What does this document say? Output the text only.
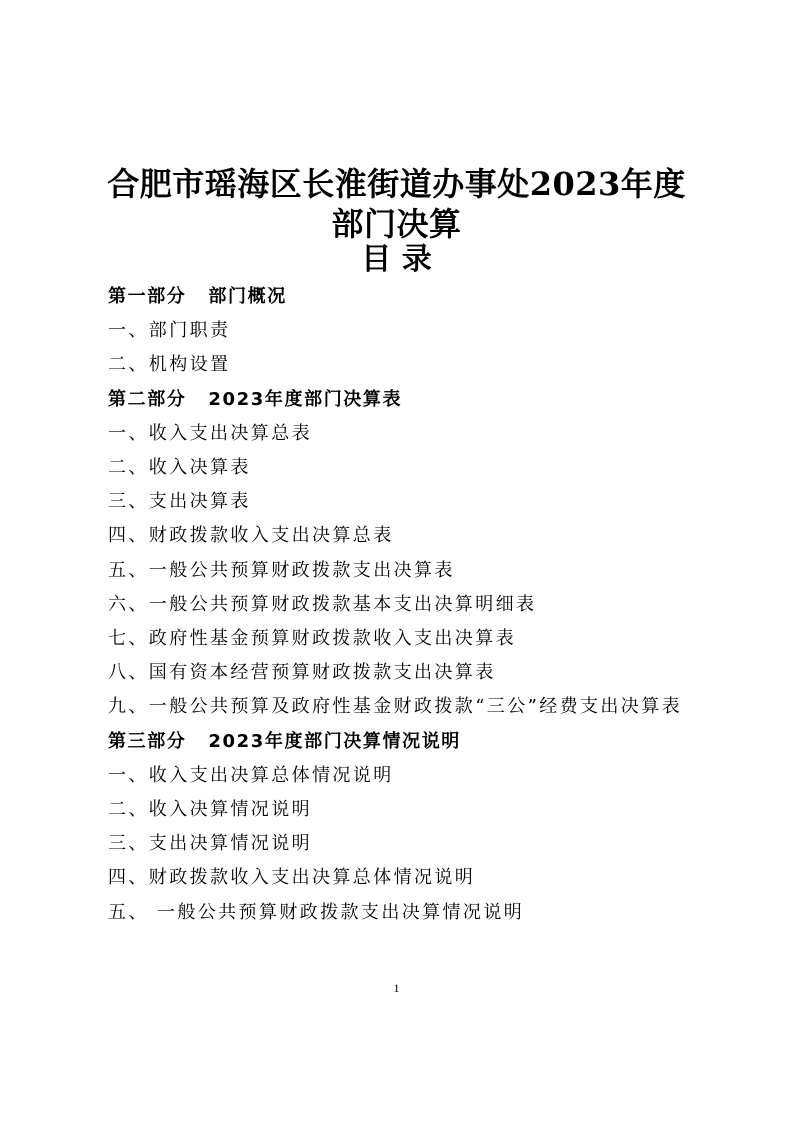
合肥市瑶海区长淮街道办事处2023年度部门决算
目 录

第一部分 部门概况

一、部门职责

二、机构设置

第二部分 2023年度部门决算表

一、收入支出决算总表

二、收入决算表

三、支出决算表

四、财政拨款收入支出决算总表

五、一般公共预算财政拨款支出决算表

六、一般公共预算财政拨款基本支出决算明细表

七、政府性基金预算财政拨款收入支出决算表

八、国有资本经营预算财政拨款支出决算表

九、一般公共预算及政府性基金财政拨款“三公”经费支出决算表

第三部分 2023年度部门决算情况说明

一、收入支出决算总体情况说明

二、收入决算情况说明

三、支出决算情况说明

四、财政拨款收入支出决算总体情况说明

五、 一般公共预算财政拨款支出决算情况说明

1
